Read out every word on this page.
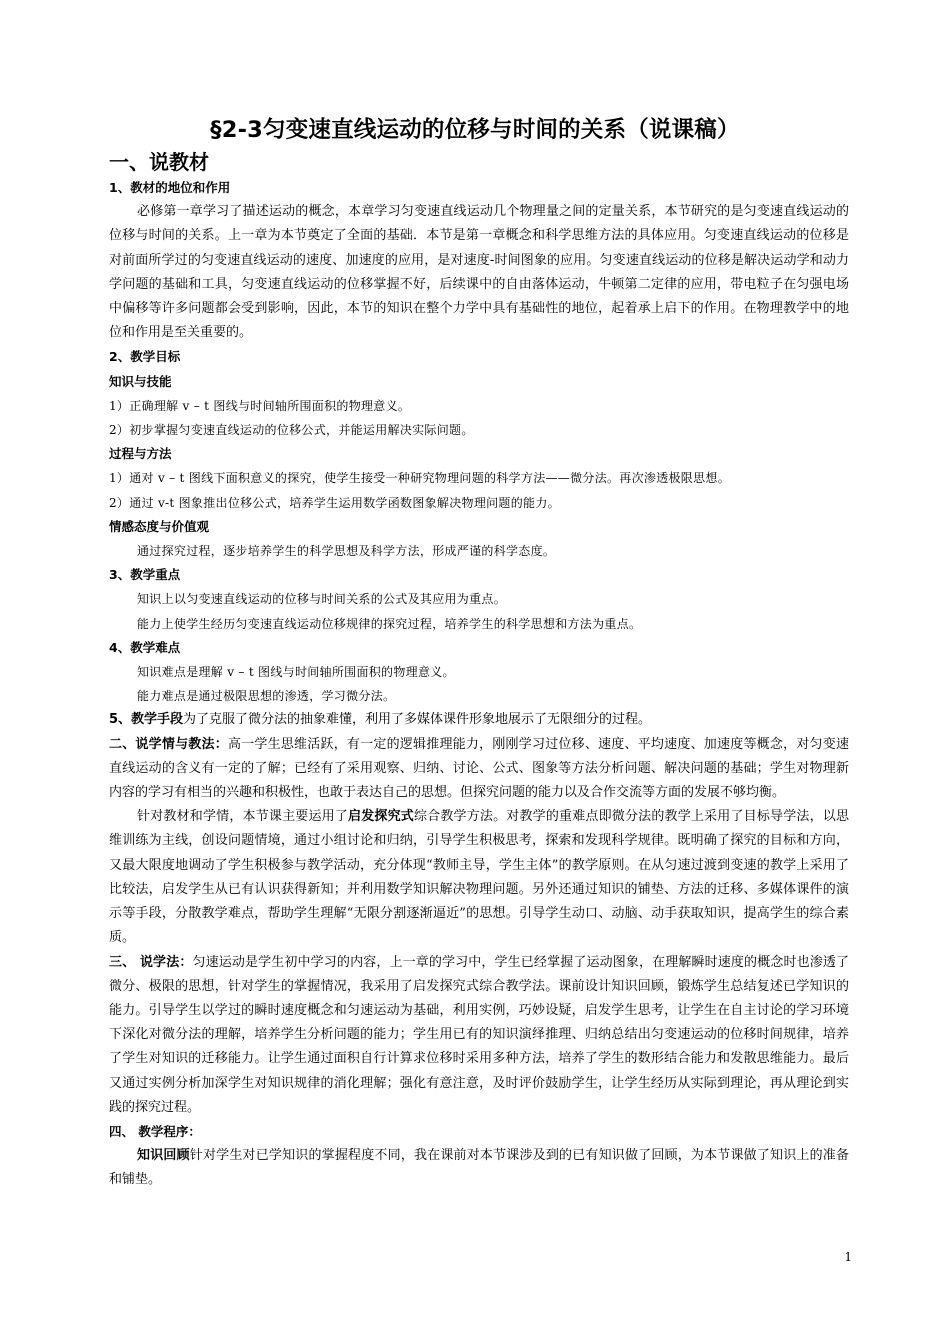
§2-3匀变速直线运动的位移与时间的关系（说课稿）
一、说教材
1、教材的地位和作用

必修第一章学习了描述运动的概念，本章学习匀变速直线运动几个物理量之间的定量关系，本节研究的是匀变速直线运动的位移与时间的关系。上一章为本节奠定了全面的基础．本节是第一章概念和科学思维方法的具体应用。匀变速直线运动的位移是对前面所学过的匀变速直线运动的速度、加速度的应用，是对速度-时间图象的应用。匀变速直线运动的位移是解决运动学和动力学问题的基础和工具，匀变速直线运动的位移掌握不好，后续课中的自由落体运动，牛顿第二定律的应用，带电粒子在匀强电场中偏移等许多问题都会受到影响，因此，本节的知识在整个力学中具有基础性的地位，起着承上启下的作用。在物理教学中的地位和作用是至关重要的。

2、教学目标
知识与技能

1）正确理解 v – t 图线与时间轴所围面积的物理意义。

2）初步掌握匀变速直线运动的位移公式，并能运用解决实际问题。

过程与方法

1）通对 v – t 图线下面积意义的探究，使学生接受一种研究物理问题的科学方法——微分法。再次渗透极限思想。

2）通过 v-t 图象推出位移公式，培养学生运用数学函数图象解决物理问题的能力。

情感态度与价值观

通过探究过程，逐步培养学生的科学思想及科学方法，形成严谨的科学态度。

3、教学重点

知识上以匀变速直线运动的位移与时间关系的公式及其应用为重点。

能力上使学生经历匀变速直线运动位移规律的探究过程，培养学生的科学思想和方法为重点。

4、教学难点

知识难点是理解 v – t 图线与时间轴所围面积的物理意义。

能力难点是通过极限思想的渗透，学习微分法。

5、教学手段为了克服了微分法的抽象难懂，利用了多媒体课件形象地展示了无限细分的过程。

二、说学情与教法：高一学生思维活跃，有一定的逻辑推理能力，刚刚学习过位移、速度、平均速度、加速度等概念，对匀变速直线运动的含义有一定的了解；已经有了采用观察、归纳、讨论、公式、图象等方法分析问题、解决问题的基础；学生对物理新内容的学习有相当的兴趣和积极性，也敢于表达自己的思想。但探究问题的能力以及合作交流等方面的发展不够均衡。

针对教材和学情，本节课主要运用了启发探究式综合教学方法。对教学的重难点即微分法的教学上采用了目标导学法，以思维训练为主线，创设问题情境，通过小组讨论和归纳，引导学生积极思考，探索和发现科学规律。既明确了探究的目标和方向，又最大限度地调动了学生积极参与教学活动，充分体现“教师主导，学生主体”的教学原则。在从匀速过渡到变速的教学上采用了比较法，启发学生从已有认识获得新知；并利用数学知识解决物理问题。另外还通过知识的铺垫、方法的迁移、多媒体课件的演示等手段，分散教学难点，帮助学生理解“无限分割逐渐逼近”的思想。引导学生动口、动脑、动手获取知识，提高学生的综合素质。

三、 说学法：匀速运动是学生初中学习的内容，上一章的学习中，学生已经掌握了运动图象，在理解瞬时速度的概念时也渗透了微分、极限的思想，针对学生的掌握情况，我采用了启发探究式综合教学法。课前设计知识回顾，锻炼学生总结复述已学知识的能力。引导学生以学过的瞬时速度概念和匀速运动为基础，利用实例，巧妙设疑，启发学生思考，让学生在自主讨论的学习环境下深化对微分法的理解，培养学生分析问题的能力；学生用已有的知识演绎推理、归纳总结出匀变速运动的位移时间规律，培养了学生对知识的迁移能力。让学生通过面积自行计算求位移时采用多种方法，培养了学生的数形结合能力和发散思维能力。最后又通过实例分析加深学生对知识规律的消化理解；强化有意注意，及时评价鼓励学生，让学生经历从实际到理论，再从理论到实践的探究过程。

四、 教学程序：

知识回顾针对学生对已学知识的掌握程度不同，我在课前对本节课涉及到的已有知识做了回顾，为本节课做了知识上的准备和铺垫。

1
